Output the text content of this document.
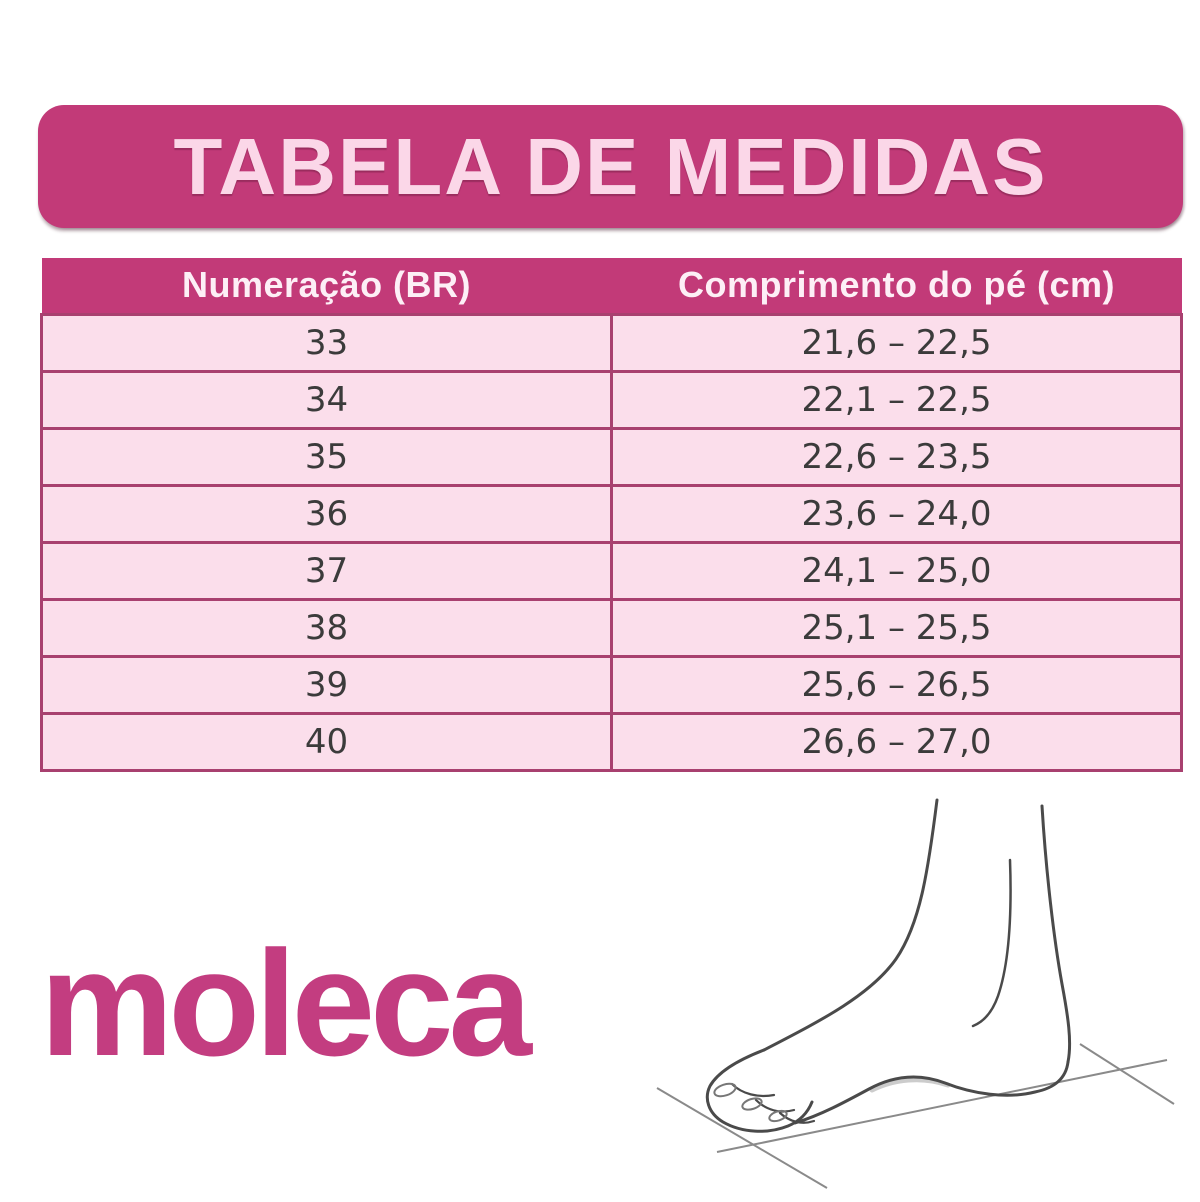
TABELA DE MEDIDAS
Numeração (BR)	Comprimento do pé (cm)
33	21,6 – 22,5
34	22,1 – 22,5
35	22,6 – 23,5
36	23,6 – 24,0
37	24,1 – 25,0
38	25,1 – 25,5
39	25,6 – 26,5
40	26,6 – 27,0
moleca
